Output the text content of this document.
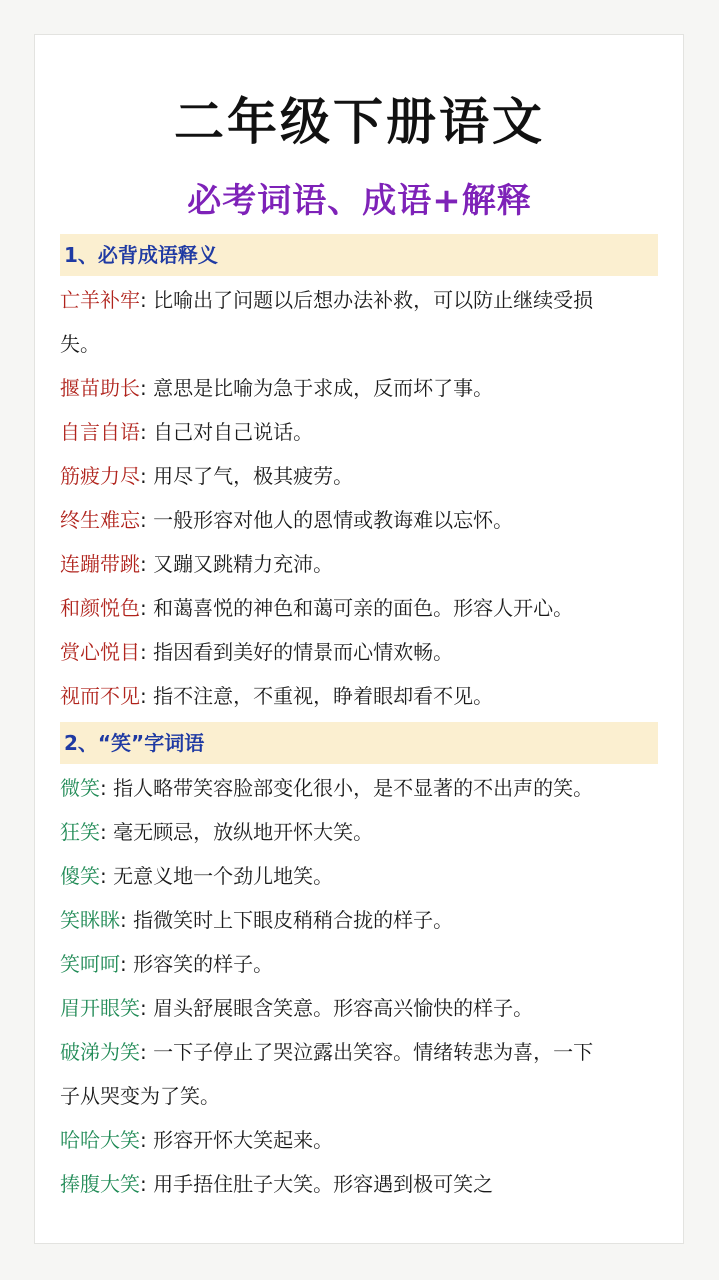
二年级下册语文
必考词语、成语+解释
1、必背成语释义
亡羊补牢: 比喻出了问题以后想办法补救，可以防止继续受损
失。
揠苗助长: 意思是比喻为急于求成，反而坏了事。
自言自语: 自己对自己说话。
筋疲力尽: 用尽了气，极其疲劳。
终生难忘: 一般形容对他人的恩情或教诲难以忘怀。
连蹦带跳: 又蹦又跳精力充沛。
和颜悦色: 和蔼喜悦的神色和蔼可亲的面色。形容人开心。
赏心悦目: 指因看到美好的情景而心情欢畅。
视而不见: 指不注意，不重视，睁着眼却看不见。
2、“笑”字词语
微笑: 指人略带笑容脸部变化很小，是不显著的不出声的笑。
狂笑: 毫无顾忌，放纵地开怀大笑。
傻笑: 无意义地一个劲儿地笑。
笑眯眯: 指微笑时上下眼皮稍稍合拢的样子。
笑呵呵: 形容笑的样子。
眉开眼笑: 眉头舒展眼含笑意。形容高兴愉快的样子。
破涕为笑: 一下子停止了哭泣露出笑容。情绪转悲为喜，一下
子从哭变为了笑。
哈哈大笑: 形容开怀大笑起来。
捧腹大笑: 用手捂住肚子大笑。形容遇到极可笑之
